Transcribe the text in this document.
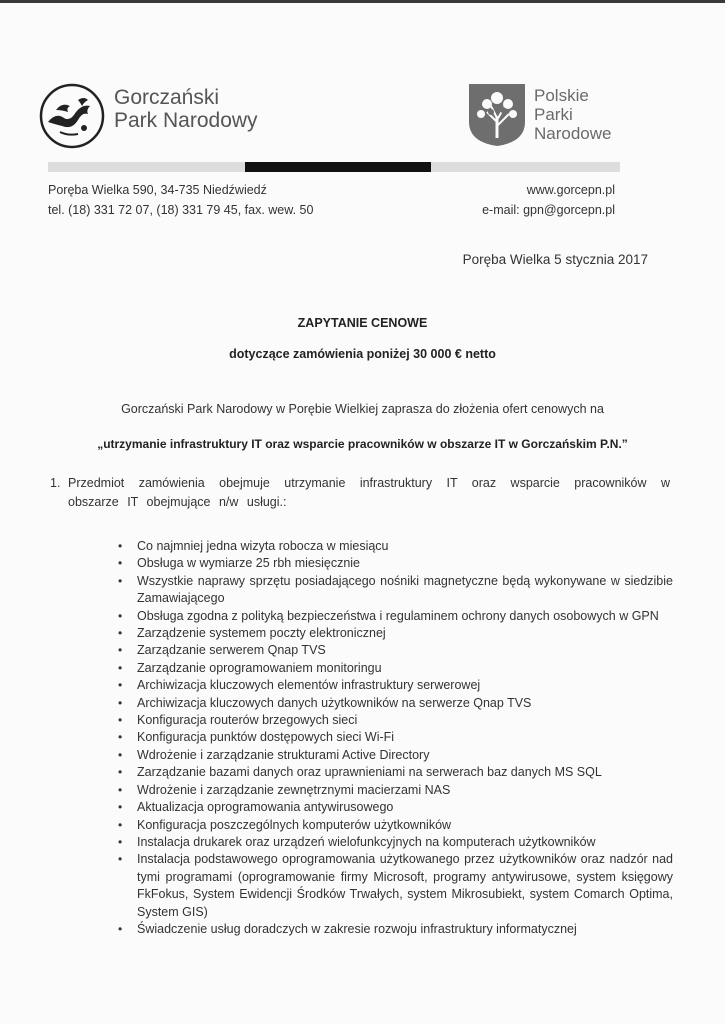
Gorczański
Park Narodowy
Polskie
Parki
Narodowe
Poręba Wielka 590, 34-735 Niedźwiedź
tel. (18) 331 72 07, (18) 331 79 45, fax. wew. 50
www.gorcepn.pl
e-mail: gpn@gorcepn.pl
Poręba Wielka 5 stycznia 2017
ZAPYTANIE CENOWE
dotyczące zamówienia poniżej 30 000 € netto
Gorczański Park Narodowy w Porębie Wielkiej zaprasza do złożenia ofert cenowych na
„utrzymanie infrastruktury IT oraz wsparcie pracowników w obszarze IT w Gorczańskim P.N.”
1. Przedmiot zamówienia obejmuje utrzymanie infrastruktury IT oraz wsparcie pracowników w obszarze IT obejmujące n/w usługi.:
• Co najmniej jedna wizyta robocza w miesiącu
• Obsługa w wymiarze 25 rbh miesięcznie
• Wszystkie naprawy sprzętu posiadającego nośniki magnetyczne będą wykonywane w siedzibie Zamawiającego
• Obsługa zgodna z polityką bezpieczeństwa i regulaminem ochrony danych osobowych w GPN
• Zarządzenie systemem poczty elektronicznej
• Zarządzanie serwerem Qnap TVS
• Zarządzanie oprogramowaniem monitoringu
• Archiwizacja kluczowych elementów infrastruktury serwerowej
• Archiwizacja kluczowych danych użytkowników na serwerze Qnap TVS
• Konfiguracja routerów brzegowych sieci
• Konfiguracja punktów dostępowych sieci Wi-Fi
• Wdrożenie i zarządzanie strukturami Active Directory
• Zarządzanie bazami danych oraz uprawnieniami na serwerach baz danych MS SQL
• Wdrożenie i zarządzanie zewnętrznymi macierzami NAS
• Aktualizacja oprogramowania antywirusowego
• Konfiguracja poszczególnych komputerów użytkowników
• Instalacja drukarek oraz urządzeń wielofunkcyjnych na komputerach użytkowników
• Instalacja podstawowego oprogramowania użytkowanego przez użytkowników oraz nadzór nad tymi programami (oprogramowanie firmy Microsoft, programy antywirusowe, system księgowy FkFokus, System Ewidencji Środków Trwałych, system Mikrosubiekt, system Comarch Optima, System GIS)
• Świadczenie usług doradczych w zakresie rozwoju infrastruktury informatycznej
